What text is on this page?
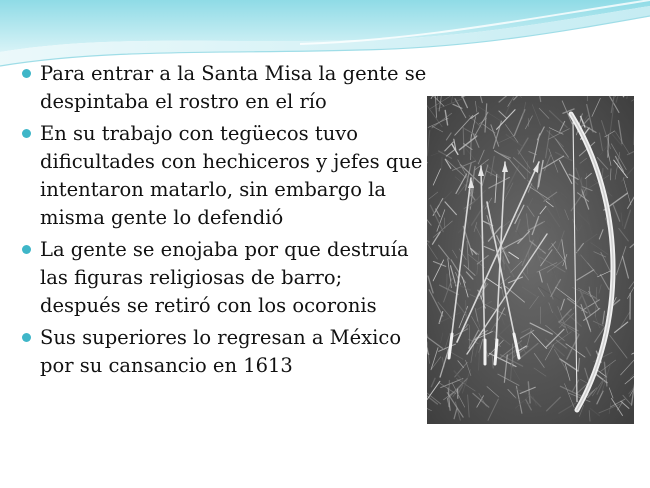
Para entrar a la Santa Misa la gente se despintaba el rostro en el río
En su trabajo con tegüecos tuvo dificultades con hechiceros y jefes que intentaron matarlo, sin embargo la misma gente lo defendió
La gente se enojaba por que destruía las figuras religiosas de barro; después se retiró con los ocoronis
Sus superiores lo regresan a México por su cansancio en 1613
